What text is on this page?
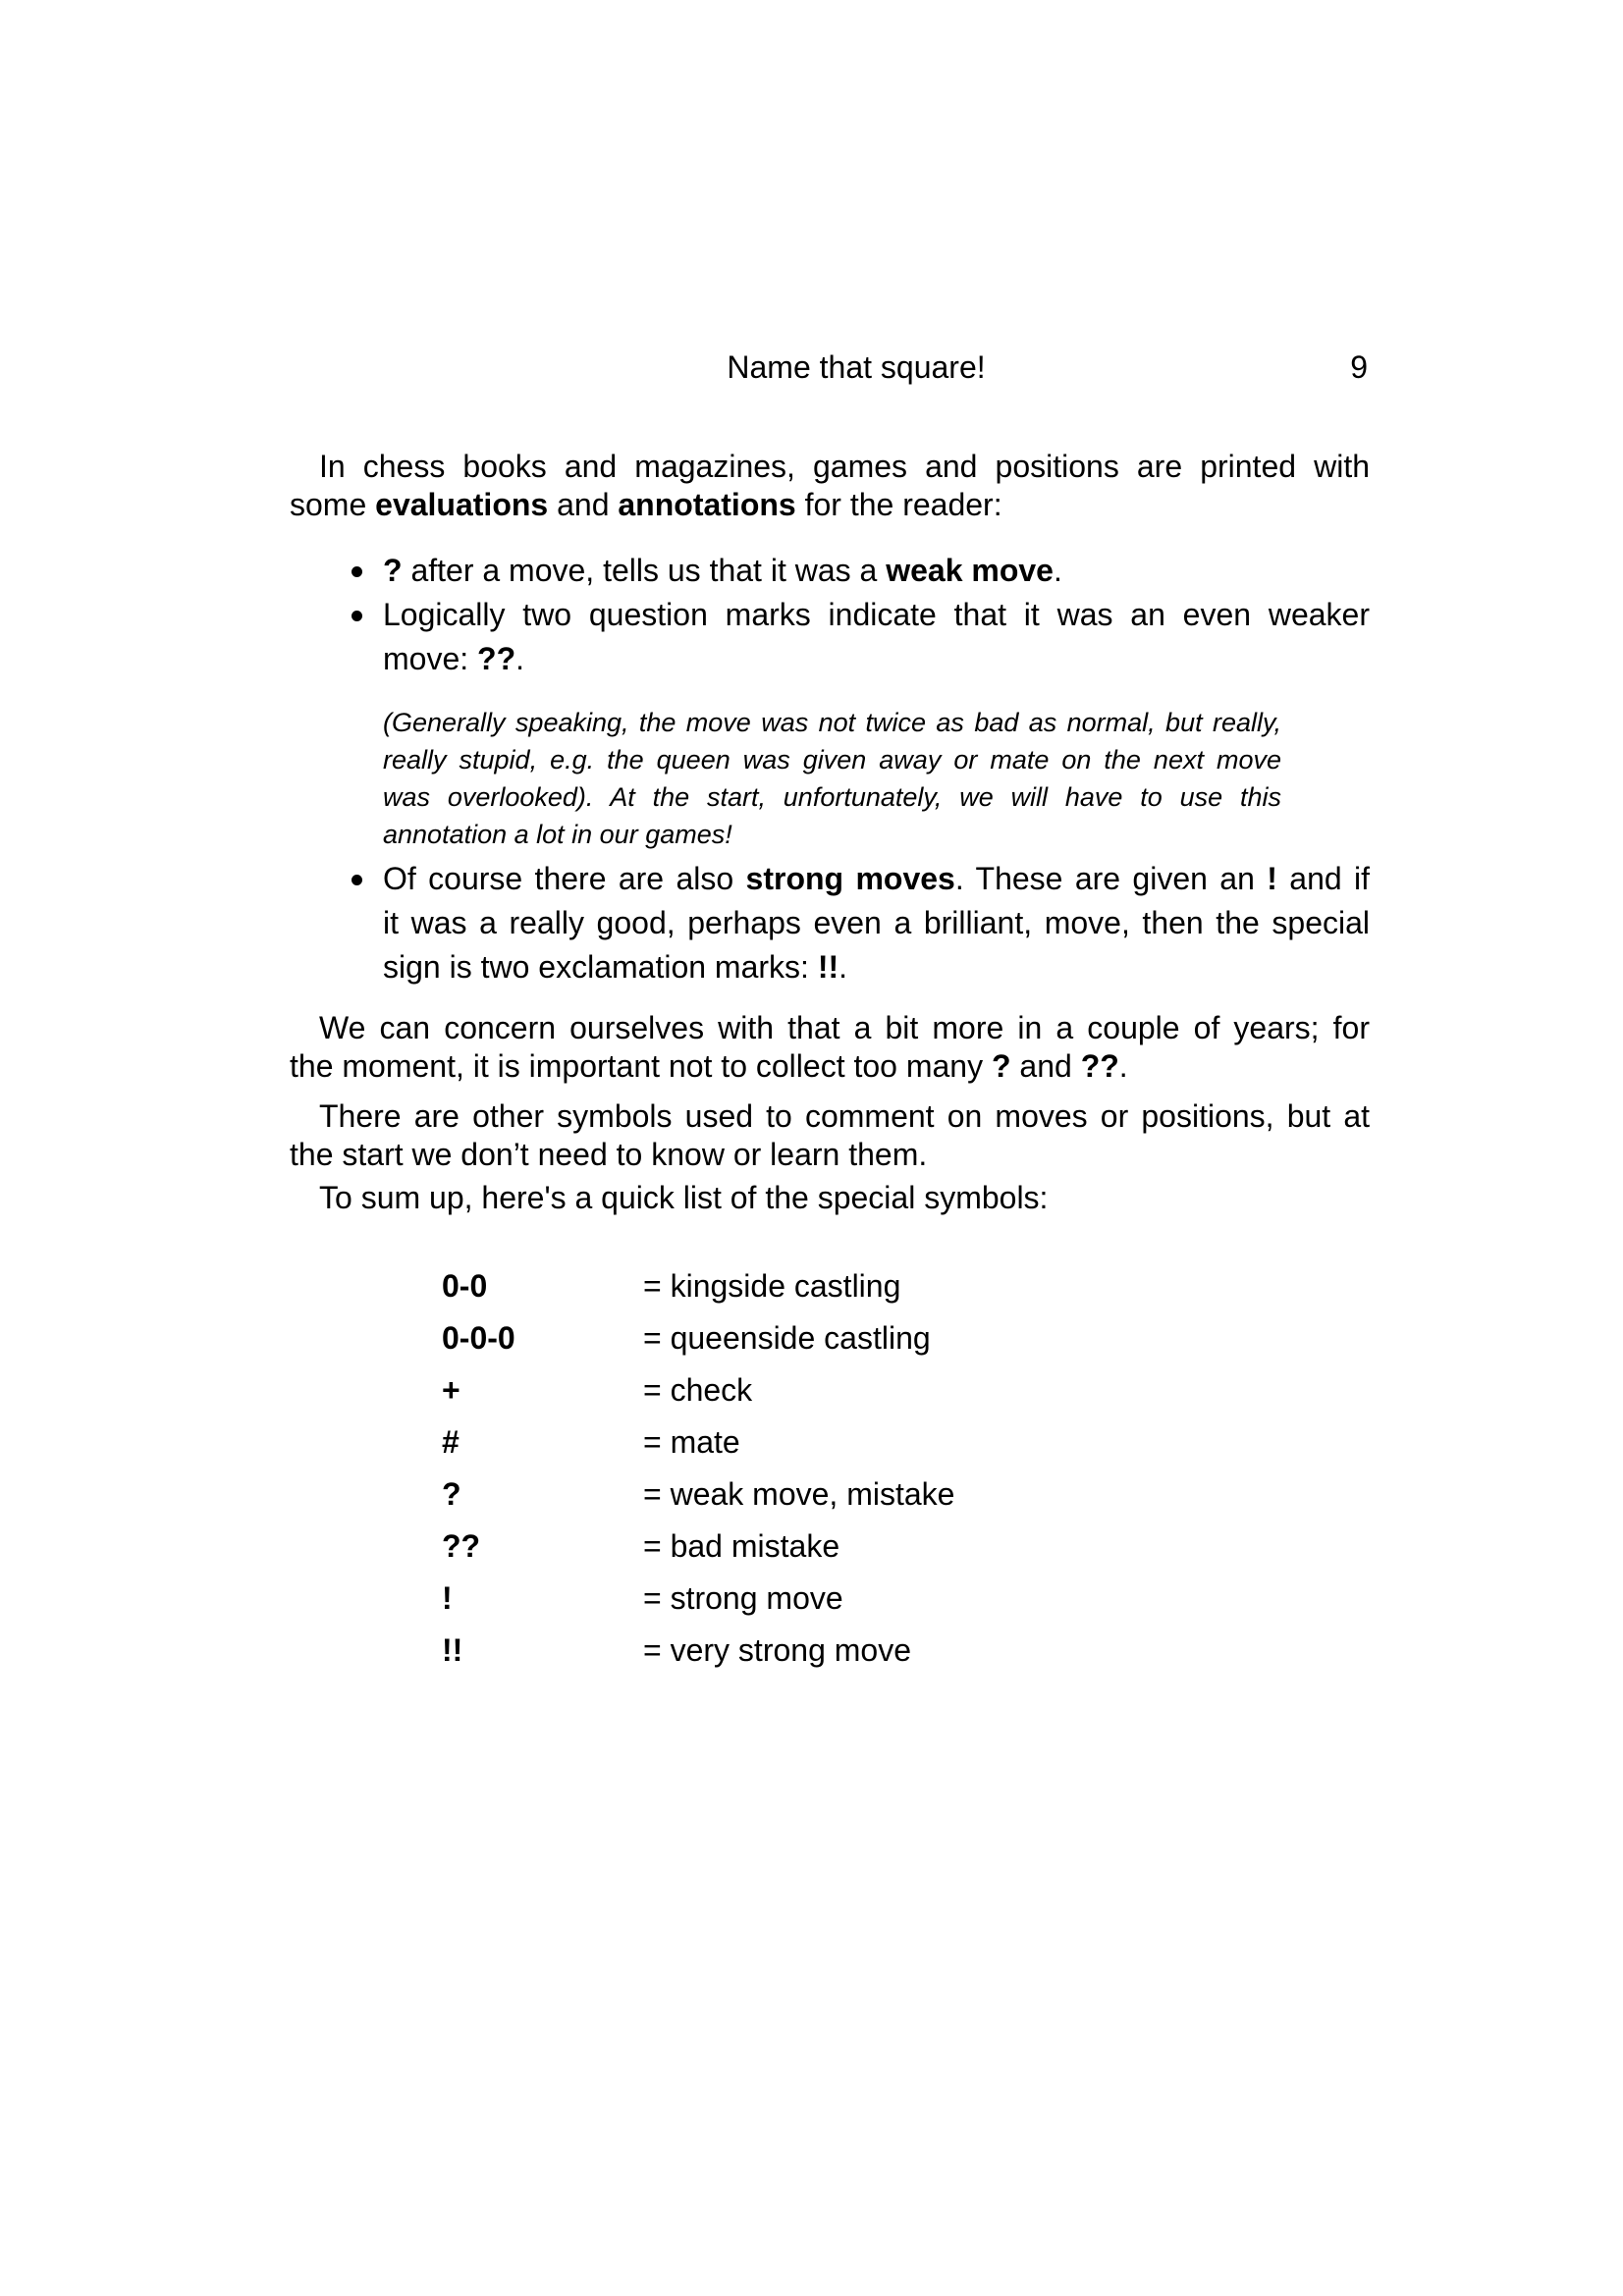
Name that square!	9
In chess books and magazines, games and positions are printed with
some evaluations and annotations for the reader:
? after a move, tells us that it was a weak move.
Logically two question marks indicate that it was an even weaker
move: ??.
(Generally speaking, the move was not twice as bad as normal, but really,
really stupid, e.g. the queen was given away or mate on the next move
was overlooked). At the start, unfortunately, we will have to use this
annotation a lot in our games!
Of course there are also strong moves. These are given an ! and if
it was a really good, perhaps even a brilliant, move, then the special
sign is two exclamation marks: !!.
We can concern ourselves with that a bit more in a couple of years; for
the moment, it is important not to collect too many ? and ??.
There are other symbols used to comment on moves or positions, but at
the start we don’t need to know or learn them.
To sum up, here's a quick list of the special symbols:
0-0	= kingside castling
0-0-0	= queenside castling
+	= check
#	= mate
?	= weak move, mistake
??	= bad mistake
!	= strong move
!!	= very strong move
